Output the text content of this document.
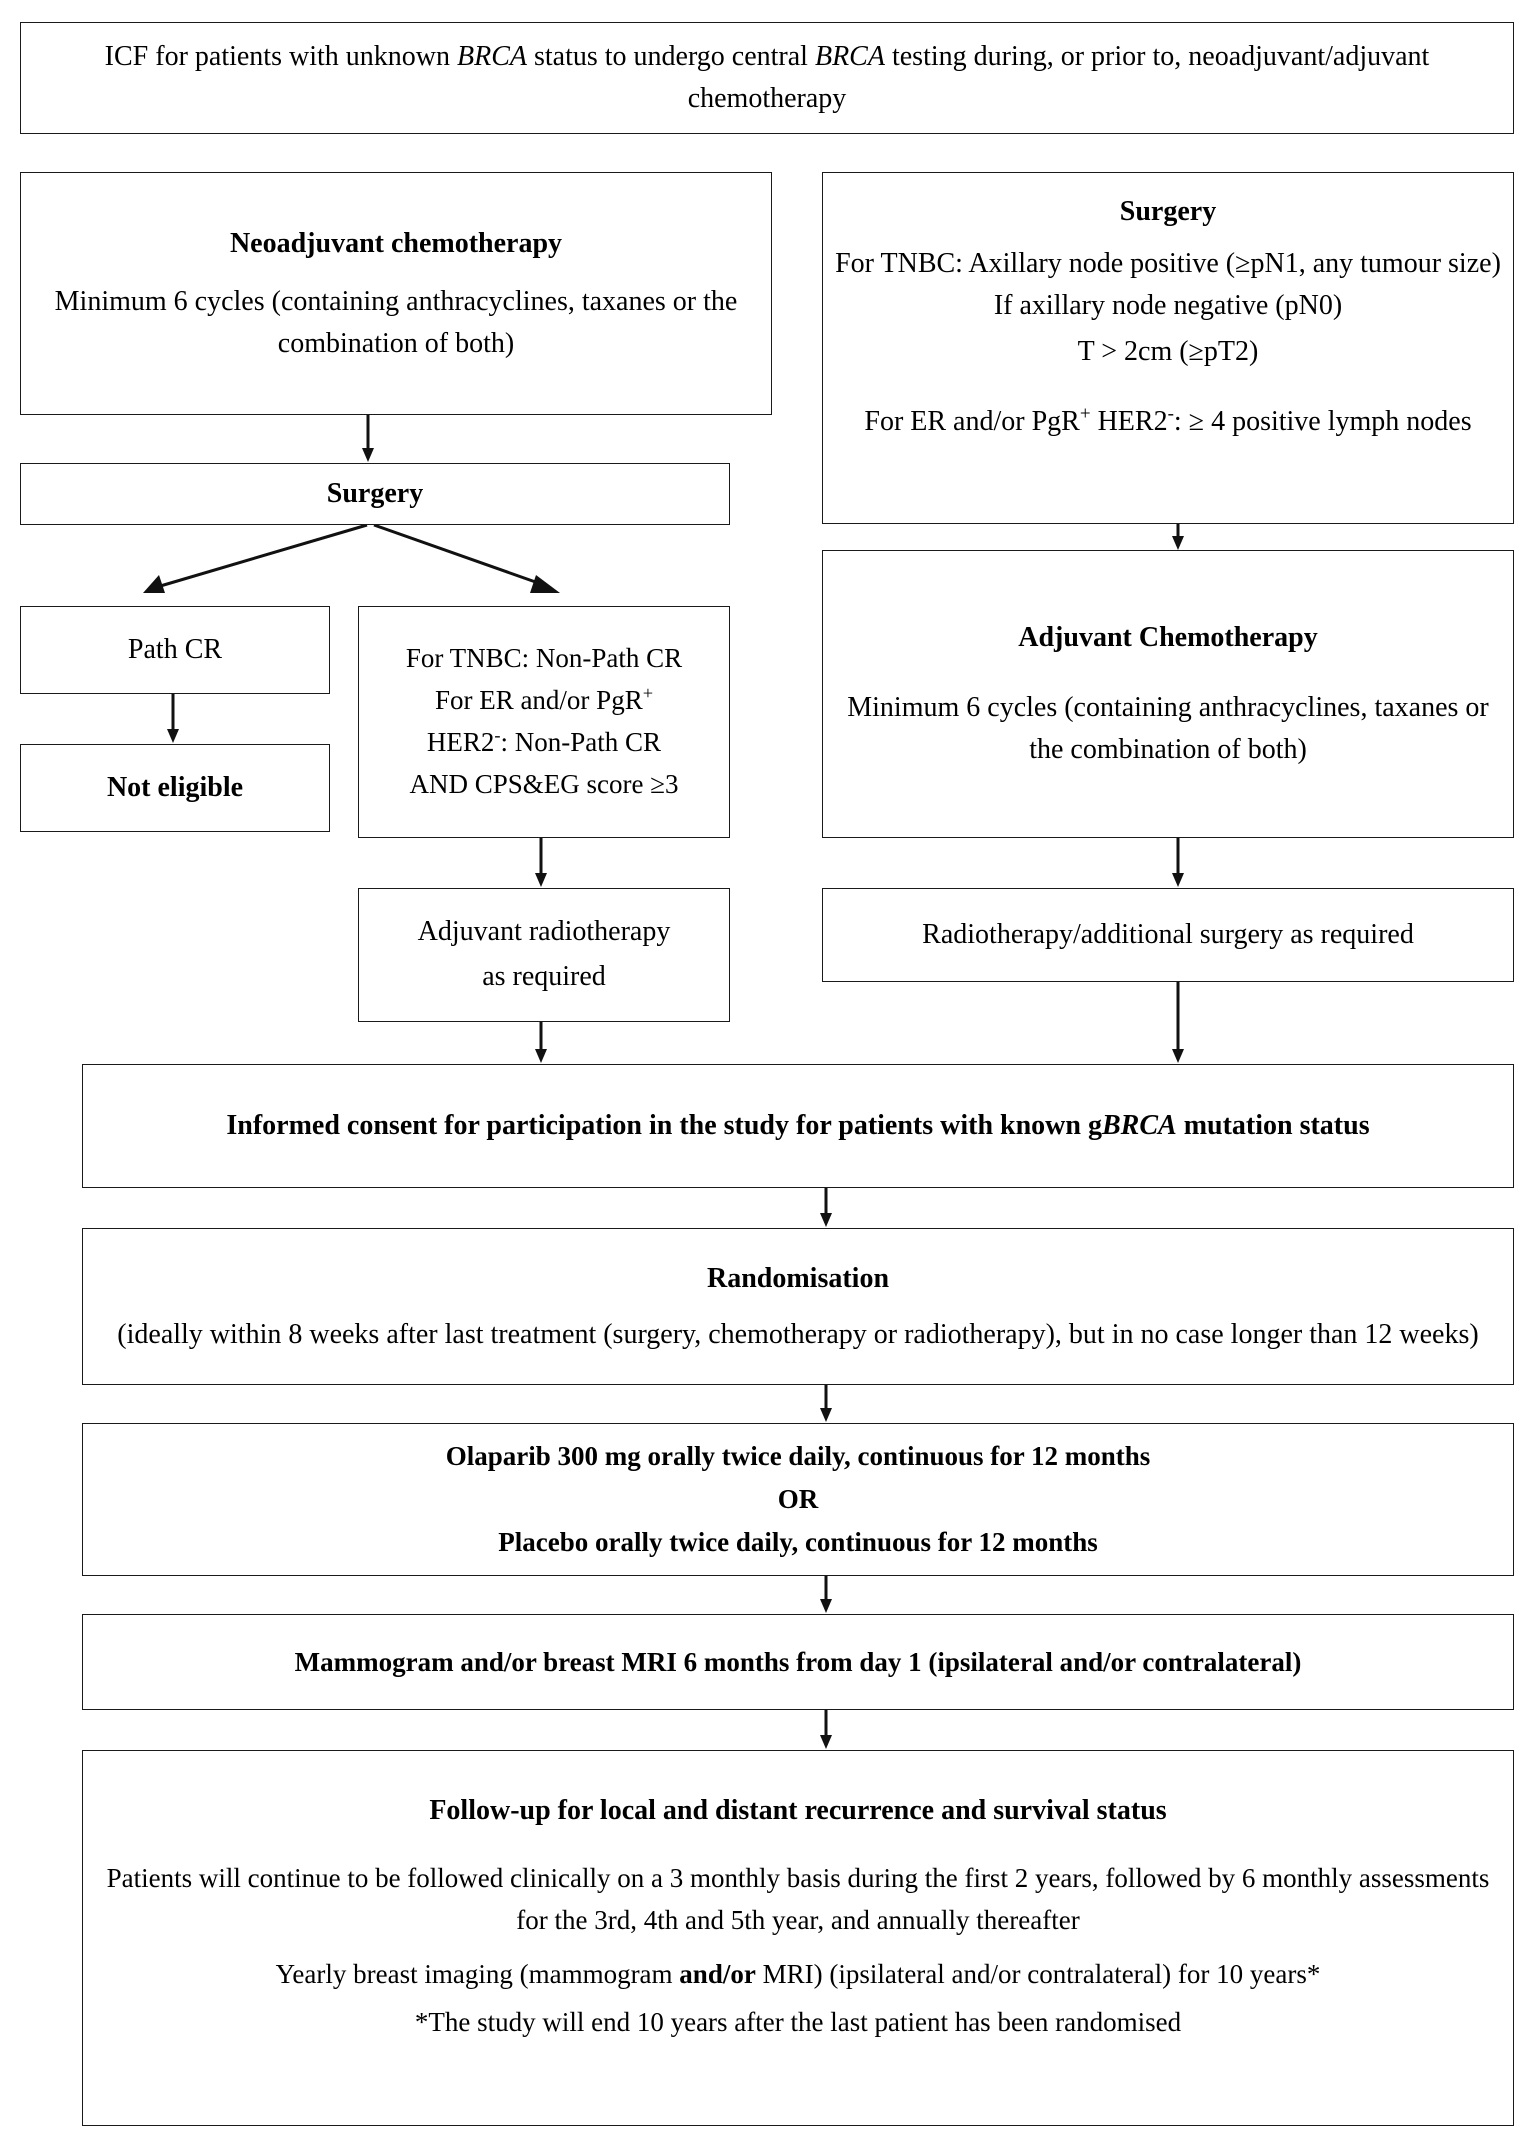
ICF for patients with unknown BRCA status to undergo central BRCA testing during, or prior to, neoadjuvant/adjuvant chemotherapy

Neoadjuvant chemotherapy

Minimum 6 cycles (containing anthracyclines, taxanes or the combination of both)

Surgery

Surgery

For TNBC: Axillary node positive (≥pN1, any tumour size) If axillary node negative (pN0)

T > 2cm (≥pT2)

For ER and/or PgR+ HER2-: ≥ 4 positive lymph nodes

Path CR

Not eligible

For TNBC: Non-Path CR

For ER and/or PgR+

HER2-: Non-Path CR

AND CPS&EG score ≥3

Adjuvant Chemotherapy

Minimum 6 cycles (containing anthracyclines, taxanes or the combination of both)

Adjuvant radiotherapy

as required

Radiotherapy/additional surgery as required

Informed consent for participation in the study for patients with known gBRCA mutation status

Randomisation

(ideally within 8 weeks after last treatment (surgery, chemotherapy or radiotherapy), but in no case longer than 12 weeks)

Olaparib 300 mg orally twice daily, continuous for 12 months

OR

Placebo orally twice daily, continuous for 12 months

Mammogram and/or breast MRI 6 months from day 1 (ipsilateral and/or contralateral)

Follow-up for local and distant recurrence and survival status

Patients will continue to be followed clinically on a 3 monthly basis during the first 2 years, followed by 6 monthly assessments for the 3rd, 4th and 5th year, and annually thereafter

Yearly breast imaging (mammogram and/or MRI) (ipsilateral and/or contralateral) for 10 years*

*The study will end 10 years after the last patient has been randomised
